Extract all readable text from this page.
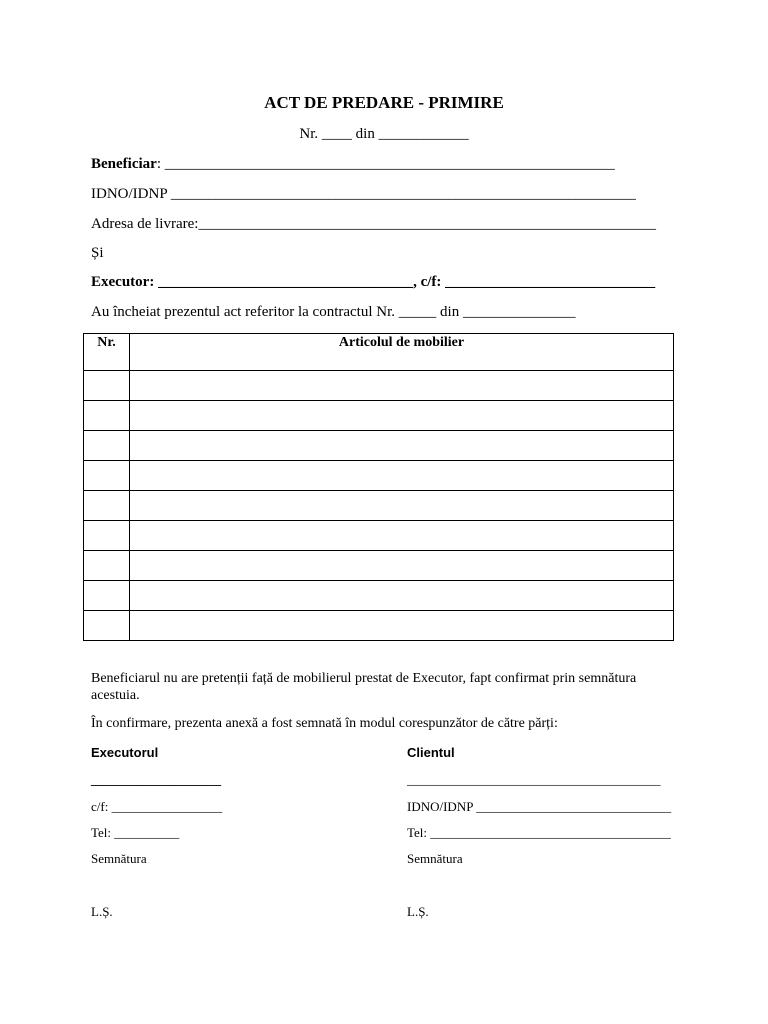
ACT DE PREDARE - PRIMIRE
Nr. ____ din ____________
Beneficiar: ____________________________________________________________
IDNO/IDNP ______________________________________________________________
Adresa de livrare:_____________________________________________________________
Și
Executor: __________________________________, c/f: ____________________________
Au încheiat prezentul act referitor la contractul Nr. _____ din _______________
Nr.	Articolul de mobilier

Beneficiarul nu are pretenții față de mobilierul prestat de Executor, fapt confirmat prin semnătura acestuia.
În confirmare, prezenta anexă a fost semnată în modul corespunzător de către părți:
Executorul
____________________
c/f: _________________
Tel: __________
Semnătura
L.Ș.
Clientul
_______________________________________
IDNO/IDNP ______________________________
Tel: _____________________________________
Semnătura
L.Ș.
